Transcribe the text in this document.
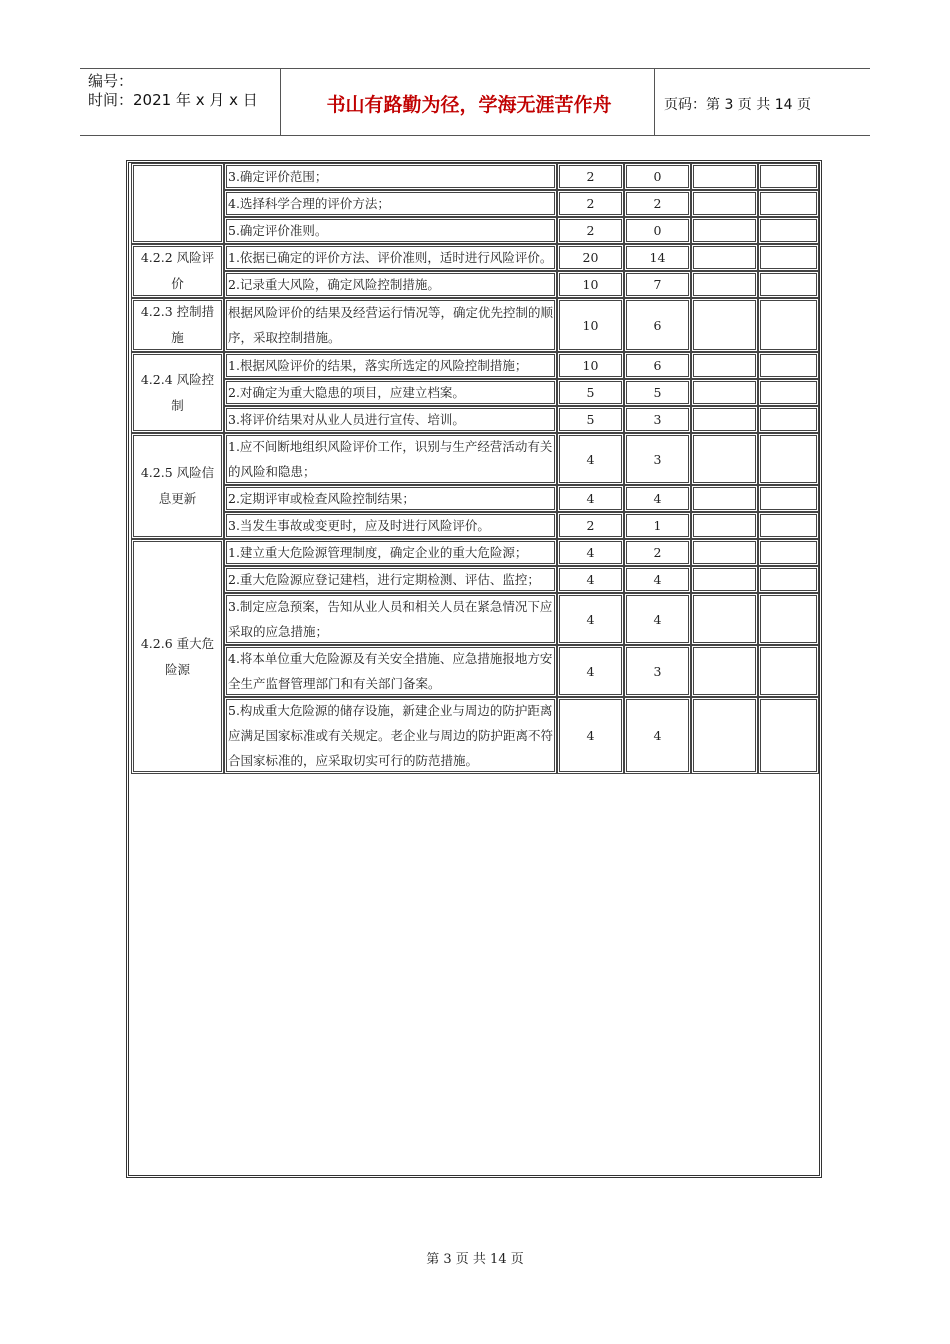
编号：
时间：2021 年 x 月 x 日	书山有路勤为径，学海无涯苦作舟	页码：第 3 页 共 14 页
	3.确定评价范围；	2	0		
	4.选择科学合理的评价方法；	2	2		
	5.确定评价准则。	2	0		
4.2.2 风险评价	1.依据已确定的评价方法、评价准则，适时进行风险评价。	20	14		
	2.记录重大风险，确定风险控制措施。	10	7		
4.2.3 控制措施	根据风险评价的结果及经营运行情况等，确定优先控制的顺序，采取控制措施。	10	6		
4.2.4 风险控制	1.根据风险评价的结果，落实所选定的风险控制措施；	10	6		
	2.对确定为重大隐患的项目，应建立档案。	5	5		
	3.将评价结果对从业人员进行宣传、培训。	5	3		
4.2.5 风险信息更新	1.应不间断地组织风险评价工作，识别与生产经营活动有关的风险和隐患；	4	3		
	2.定期评审或检查风险控制结果；	4	4		
	3.当发生事故或变更时，应及时进行风险评价。	2	1		
4.2.6 重大危险源	1.建立重大危险源管理制度，确定企业的重大危险源；	4	2		
	2.重大危险源应登记建档，进行定期检测、评估、监控；	4	4		
	3.制定应急预案，告知从业人员和相关人员在紧急情况下应采取的应急措施；	4	4		
	4.将本单位重大危险源及有关安全措施、应急措施报地方安全生产监督管理部门和有关部门备案。	4	3		
	5.构成重大危险源的储存设施，新建企业与周边的防护距离应满足国家标准或有关规定。老企业与周边的防护距离不符合国家标准的，应采取切实可行的防范措施。	4	4		
第 3 页 共 14 页
